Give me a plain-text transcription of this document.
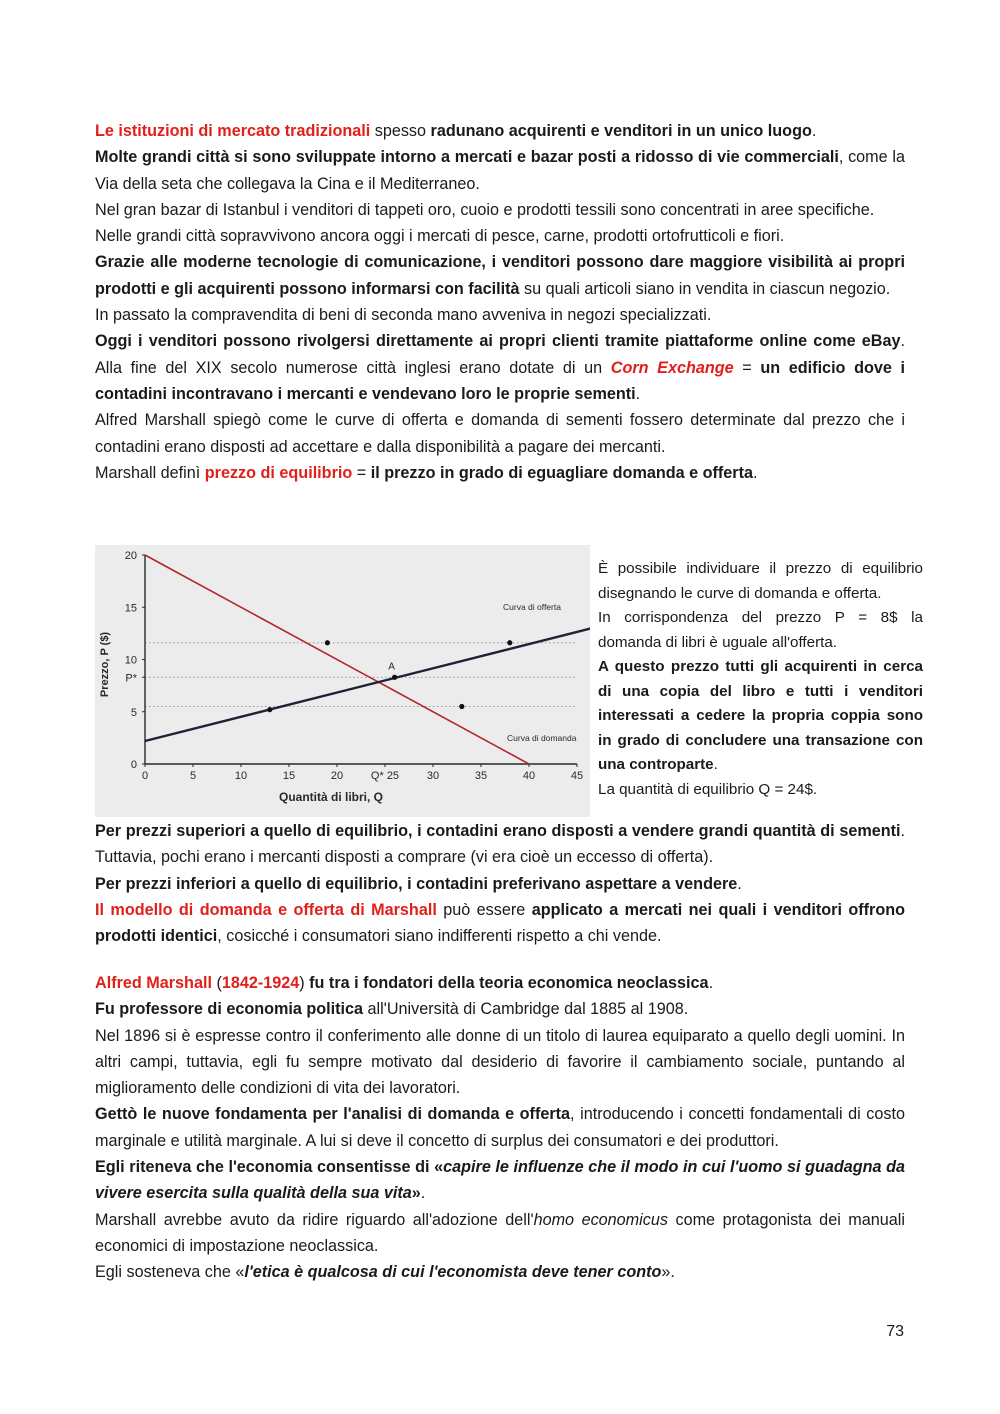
Le istituzioni di mercato tradizionali spesso radunano acquirenti e venditori in un unico luogo.

Molte grandi città si sono sviluppate intorno a mercati e bazar posti a ridosso di vie commerciali, come la Via della seta che collegava la Cina e il Mediterraneo.

Nel gran bazar di Istanbul i venditori di tappeti oro, cuoio e prodotti tessili sono concentrati in aree specifiche.

Nelle grandi città sopravvivono ancora oggi i mercati di pesce, carne, prodotti ortofrutticoli e fiori.

Grazie alle moderne tecnologie di comunicazione, i venditori possono dare maggiore visibilità ai propri prodotti e gli acquirenti possono informarsi con facilità su quali articoli siano in vendita in ciascun negozio.

In passato la compravendita di beni di seconda mano avveniva in negozi specializzati.

Oggi i venditori possono rivolgersi direttamente ai propri clienti tramite piattaforme online come eBay. Alla fine del XIX secolo numerose città inglesi erano dotate di un Corn Exchange = un edificio dove i contadini incontravano i mercanti e vendevano loro le proprie sementi.

Alfred Marshall spiegò come le curve di offerta e domanda di sementi fossero determinate dal prezzo che i contadini erano disposti ad accettare e dalla disponibilità a pagare dei mercanti.

Marshall definì prezzo di equilibrio = il prezzo in grado di eguagliare domanda e offerta.

0	5	10	15	20	Q* 25	30	35	40	45
0
5
P*
10
15
20
Quantità di libri, Q
Prezzo, P ($)
Curva di offerta
Curva di domanda
A

È possibile individuare il prezzo di equilibrio disegnando le curve di domanda e offerta.

In corrispondenza del prezzo P = 8$ la domanda di libri è uguale all'offerta.

A questo prezzo tutti gli acquirenti in cerca di una copia del libro e tutti i venditori interessati a cedere la propria coppia sono in grado di concludere una transazione con una controparte.

La quantità di equilibrio Q = 24$.

Per prezzi superiori a quello di equilibrio, i contadini erano disposti a vendere grandi quantità di sementi. Tuttavia, pochi erano i mercanti disposti a comprare (vi era cioè un eccesso di offerta).

Per prezzi inferiori a quello di equilibrio, i contadini preferivano aspettare a vendere.

Il modello di domanda e offerta di Marshall può essere applicato a mercati nei quali i venditori offrono prodotti identici, cosicché i consumatori siano indifferenti rispetto a chi vende.

Alfred Marshall (1842-1924) fu tra i fondatori della teoria economica neoclassica.

Fu professore di economia politica all'Università di Cambridge dal 1885 al 1908.

Nel 1896 si è espresse contro il conferimento alle donne di un titolo di laurea equiparato a quello degli uomini. In altri campi, tuttavia, egli fu sempre motivato dal desiderio di favorire il cambiamento sociale, puntando al miglioramento delle condizioni di vita dei lavoratori.

Gettò le nuove fondamenta per l'analisi di domanda e offerta, introducendo i concetti fondamentali di costo marginale e utilità marginale. A lui si deve il concetto di surplus dei consumatori e dei produttori.

Egli riteneva che l'economia consentisse di «capire le influenze che il modo in cui l'uomo si guadagna da vivere esercita sulla qualità della sua vita».

Marshall avrebbe avuto da ridire riguardo all'adozione dell'homo economicus come protagonista dei manuali economici di impostazione neoclassica.

Egli sosteneva che «l'etica è qualcosa di cui l'economista deve tener conto».

73
